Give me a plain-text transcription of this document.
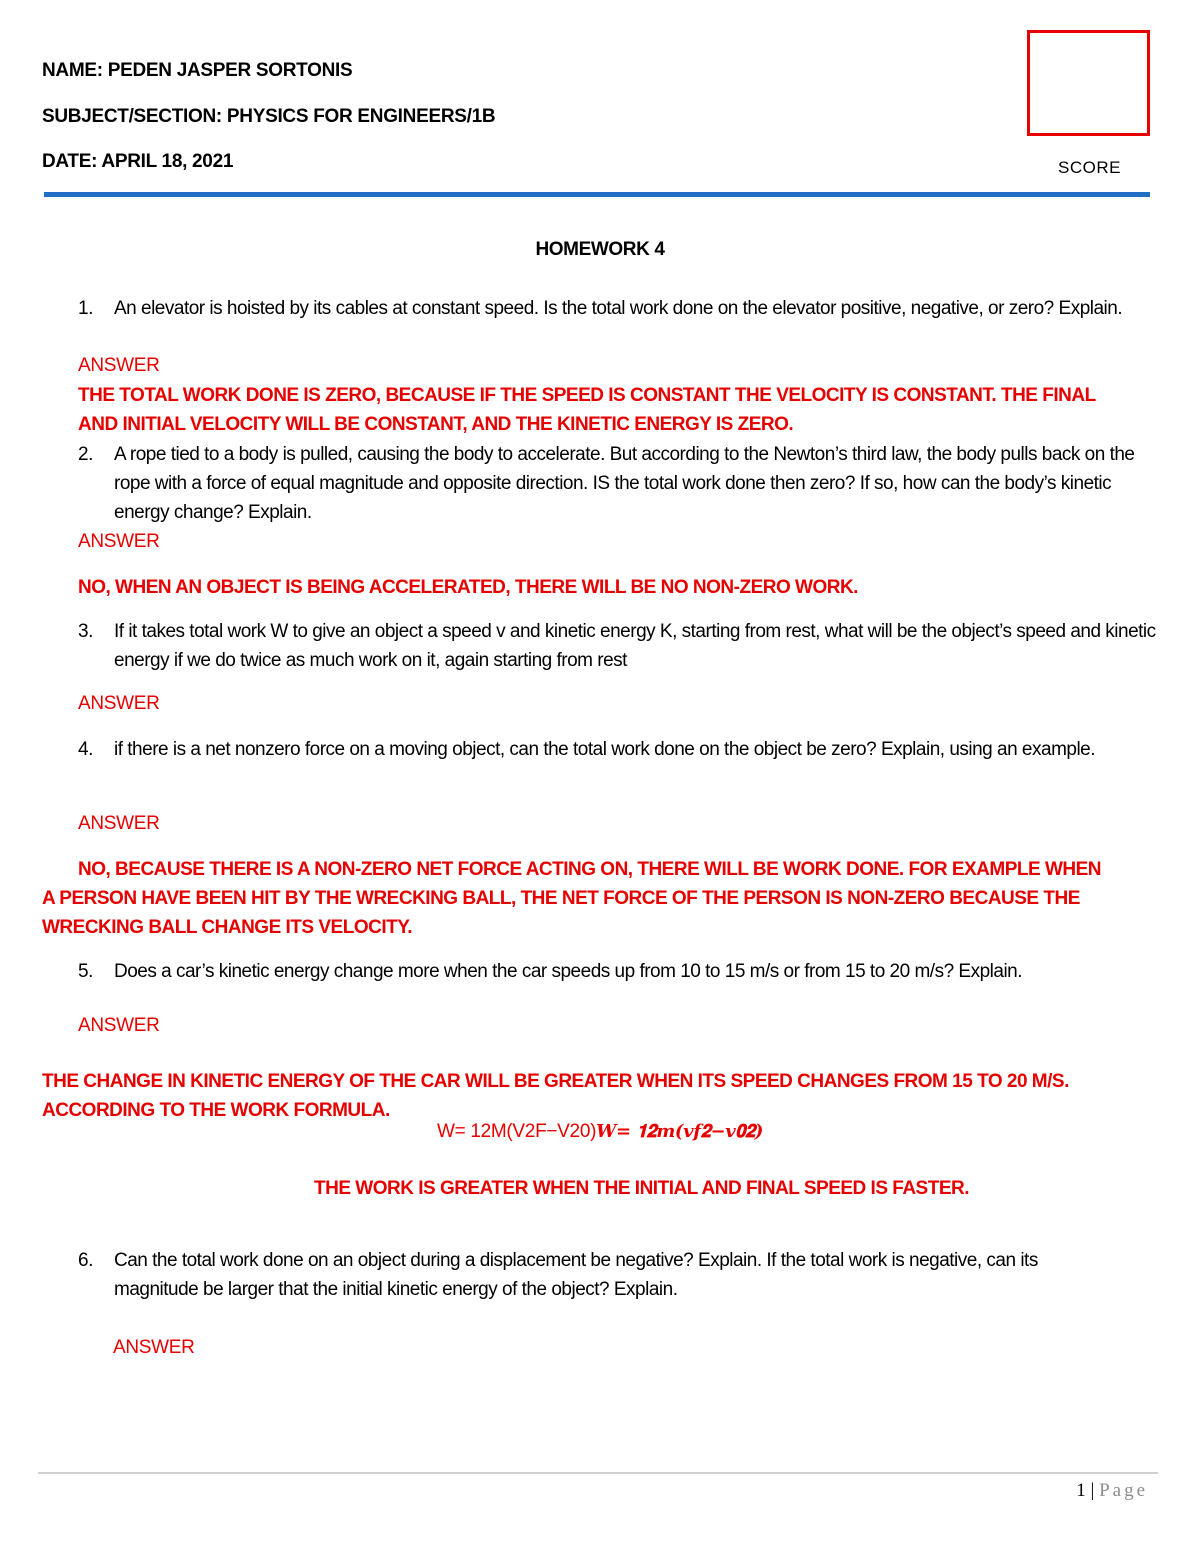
NAME: PEDEN JASPER SORTONIS
SUBJECT/SECTION: PHYSICS FOR ENGINEERS/1B
DATE: APRIL 18, 2021	SCORE
HOMEWORK 4
1. An elevator is hoisted by its cables at constant speed. Is the total work done on the elevator positive, negative, or zero? Explain.
ANSWER
THE TOTAL WORK DONE IS ZERO, BECAUSE IF THE SPEED IS CONSTANT THE VELOCITY IS CONSTANT. THE FINAL AND INITIAL VELOCITY WILL BE CONSTANT, AND THE KINETIC ENERGY IS ZERO.
2. A rope tied to a body is pulled, causing the body to accelerate. But according to the Newton’s third law, the body pulls back on the rope with a force of equal magnitude and opposite direction. IS the total work done then zero? If so, how can the body’s kinetic energy change? Explain.
ANSWER
NO, WHEN AN OBJECT IS BEING ACCELERATED, THERE WILL BE NO NON-ZERO WORK.
3. If it takes total work W to give an object a speed v and kinetic energy K, starting from rest, what will be the object’s speed and kinetic energy if we do twice as much work on it, again starting from rest
ANSWER
4. if there is a net nonzero force on a moving object, can the total work done on the object be zero? Explain, using an example.
ANSWER
NO, BECAUSE THERE IS A NON-ZERO NET FORCE ACTING ON, THERE WILL BE WORK DONE. FOR EXAMPLE WHEN A PERSON HAVE BEEN HIT BY THE WRECKING BALL, THE NET FORCE OF THE PERSON IS NON-ZERO BECAUSE THE WRECKING BALL CHANGE ITS VELOCITY.
5. Does a car’s kinetic energy change more when the car speeds up from 10 to 15 m/s or from 15 to 20 m/s? Explain.
ANSWER
THE CHANGE IN KINETIC ENERGY OF THE CAR WILL BE GREATER WHEN ITS SPEED CHANGES FROM 15 TO 20 M/S. ACCORDING TO THE WORK FORMULA.
W= 12M(V2F−V20)𝑾= 𝟏𝟐𝒎(𝒗𝒇𝟐−𝒗𝟎𝟐)
THE WORK IS GREATER WHEN THE INITIAL AND FINAL SPEED IS FASTER.
6. Can the total work done on an object during a displacement be negative? Explain. If the total work is negative, can its magnitude be larger that the initial kinetic energy of the object? Explain.
ANSWER
1 | Page
